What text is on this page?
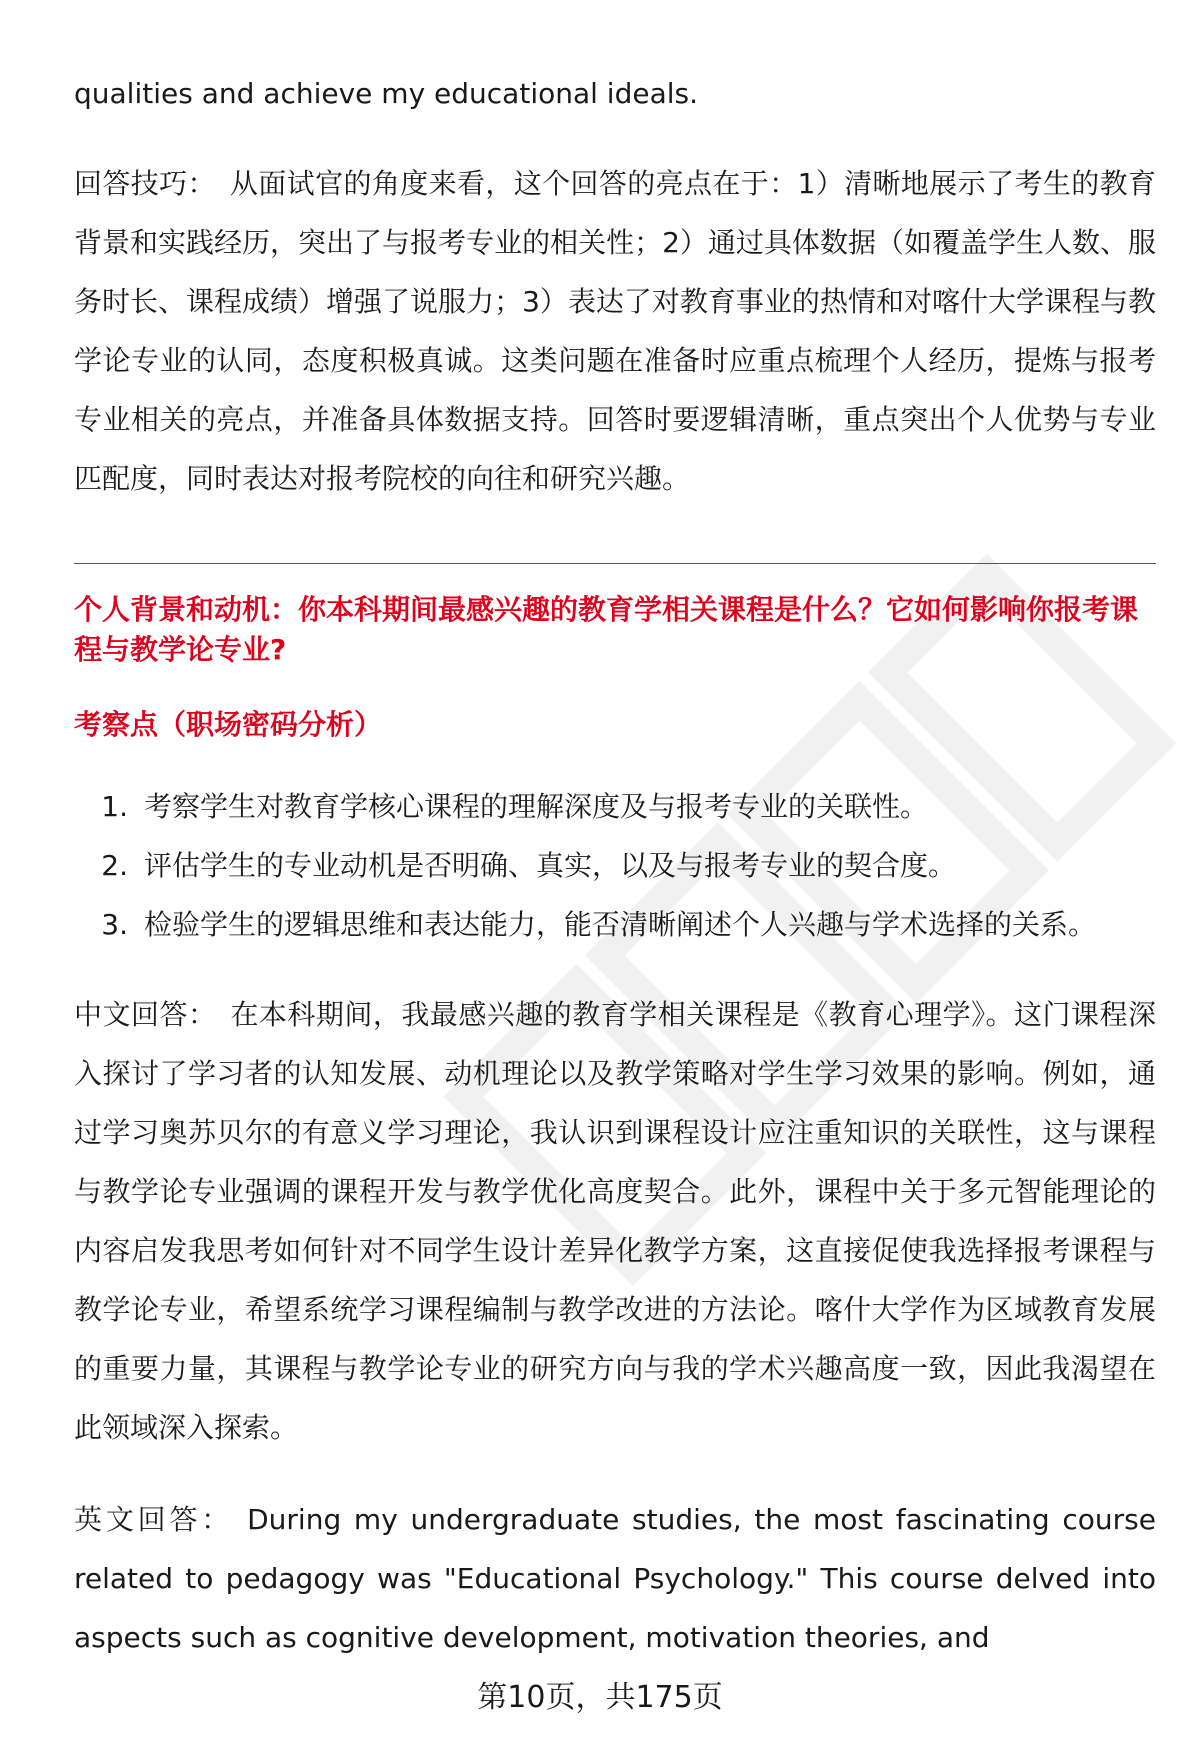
qualities and achieve my educational ideals.

回答技巧： 从面试官的角度来看，这个回答的亮点在于：1）清晰地展示了考生的教育背景和实践经历，突出了与报考专业的相关性；2）通过具体数据（如覆盖学生人数、服务时长、课程成绩）增强了说服力；3）表达了对教育事业的热情和对喀什大学课程与教学论专业的认同，态度积极真诚。这类问题在准备时应重点梳理个人经历，提炼与报考专业相关的亮点，并准备具体数据支持。回答时要逻辑清晰，重点突出个人优势与专业匹配度，同时表达对报考院校的向往和研究兴趣。

个人背景和动机：你本科期间最感兴趣的教育学相关课程是什么？它如何影响你报考课程与教学论专业?
考察点（职场密码分析）
1. 考察学生对教育学核心课程的理解深度及与报考专业的关联性。
2. 评估学生的专业动机是否明确、真实，以及与报考专业的契合度。
3. 检验学生的逻辑思维和表达能力，能否清晰阐述个人兴趣与学术选择的关系。

中文回答： 在本科期间，我最感兴趣的教育学相关课程是《教育心理学》。这门课程深入探讨了学习者的认知发展、动机理论以及教学策略对学生学习效果的影响。例如，通过学习奥苏贝尔的有意义学习理论，我认识到课程设计应注重知识的关联性，这与课程与教学论专业强调的课程开发与教学优化高度契合。此外，课程中关于多元智能理论的内容启发我思考如何针对不同学生设计差异化教学方案，这直接促使我选择报考课程与教学论专业，希望系统学习课程编制与教学改进的方法论。喀什大学作为区域教育发展的重要力量，其课程与教学论专业的研究方向与我的学术兴趣高度一致，因此我渴望在此领域深入探索。

英文回答： During my undergraduate studies, the most fascinating course related to pedagogy was "Educational Psychology." This course delved into aspects such as cognitive development, motivation theories, and

第10页，共175页
